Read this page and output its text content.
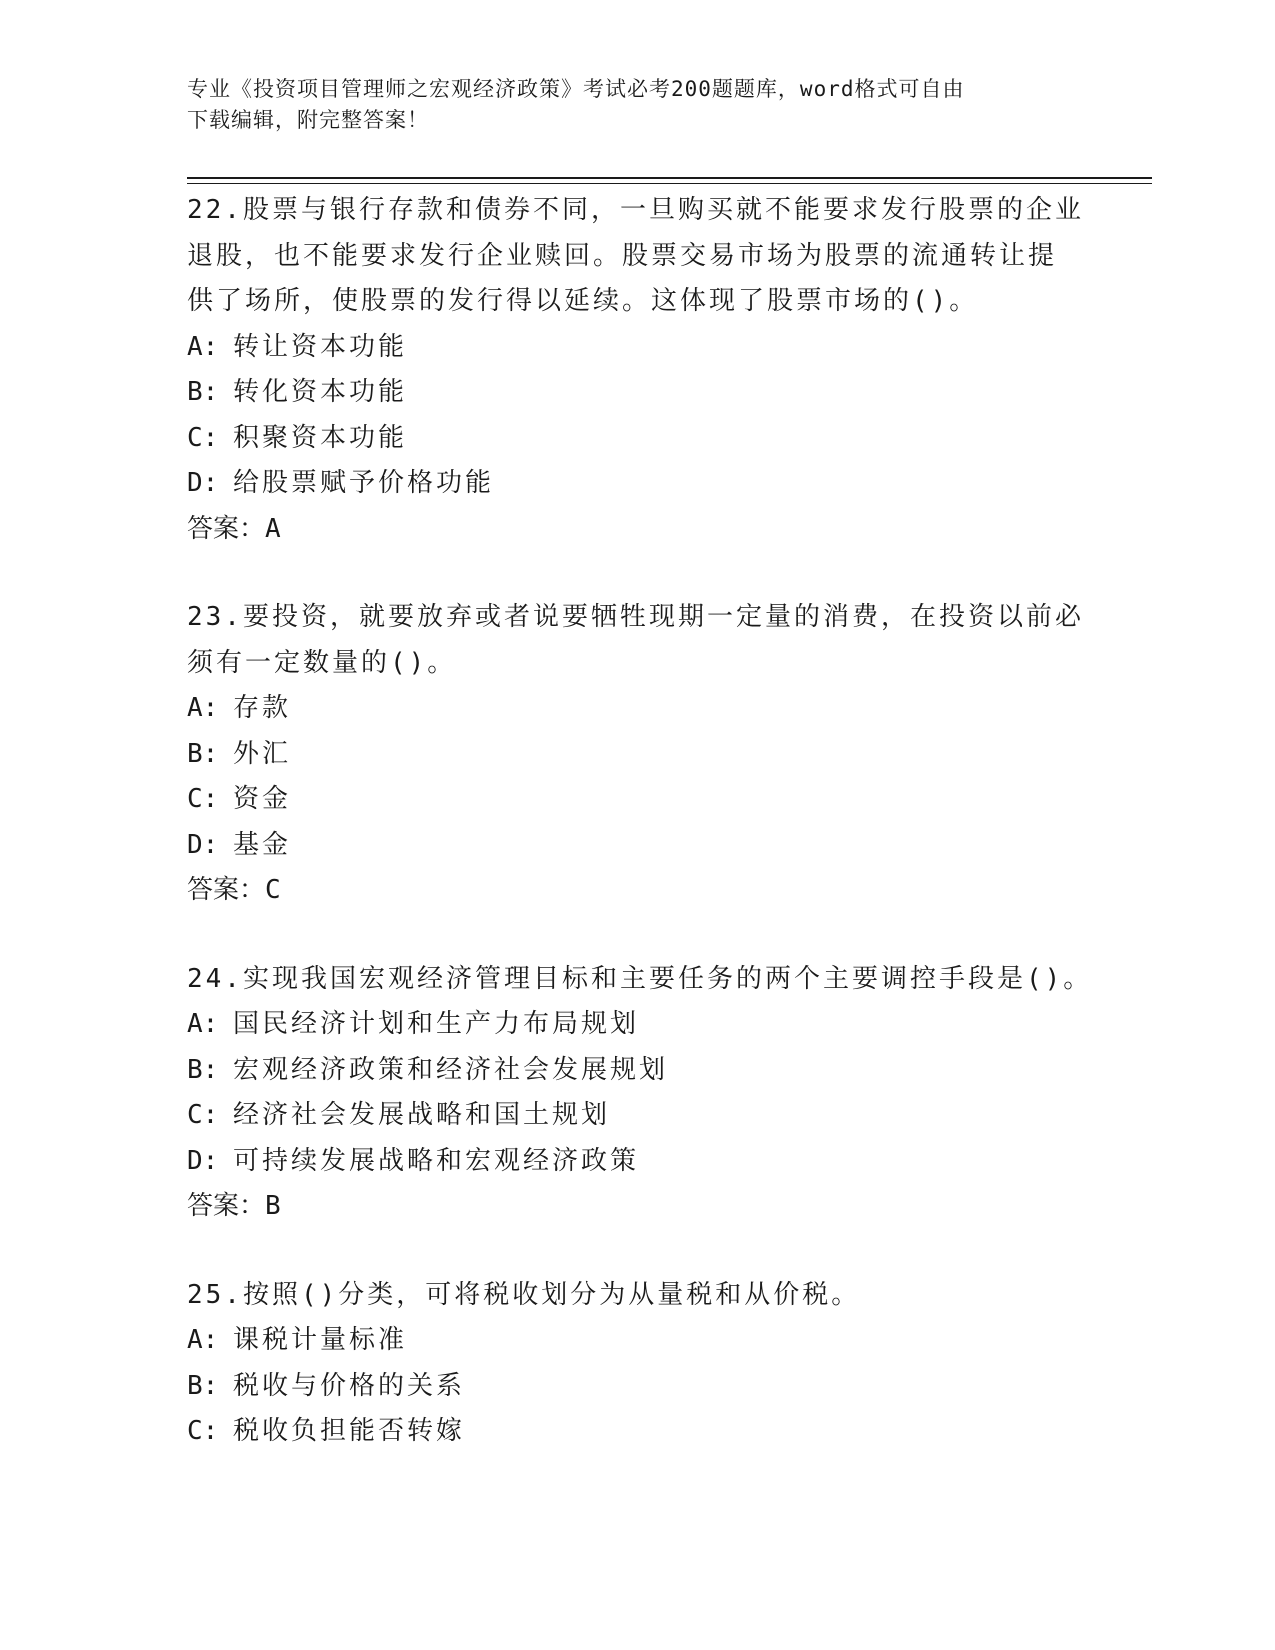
专业《投资项目管理师之宏观经济政策》考试必考200题题库，word格式可自由
下载编辑，附完整答案！
22.股票与银行存款和债券不同，一旦购买就不能要求发行股票的企业
退股，也不能要求发行企业赎回。股票交易市场为股票的流通转让提
供了场所，使股票的发行得以延续。这体现了股票市场的()。
A: 转让资本功能
B: 转化资本功能
C: 积聚资本功能
D: 给股票赋予价格功能
答案：A
23.要投资，就要放弃或者说要牺牲现期一定量的消费，在投资以前必
须有一定数量的()。
A: 存款
B: 外汇
C: 资金
D: 基金
答案：C
24.实现我国宏观经济管理目标和主要任务的两个主要调控手段是()。
A: 国民经济计划和生产力布局规划
B: 宏观经济政策和经济社会发展规划
C: 经济社会发展战略和国土规划
D: 可持续发展战略和宏观经济政策
答案：B
25.按照()分类，可将税收划分为从量税和从价税。
A: 课税计量标准
B: 税收与价格的关系
C: 税收负担能否转嫁
